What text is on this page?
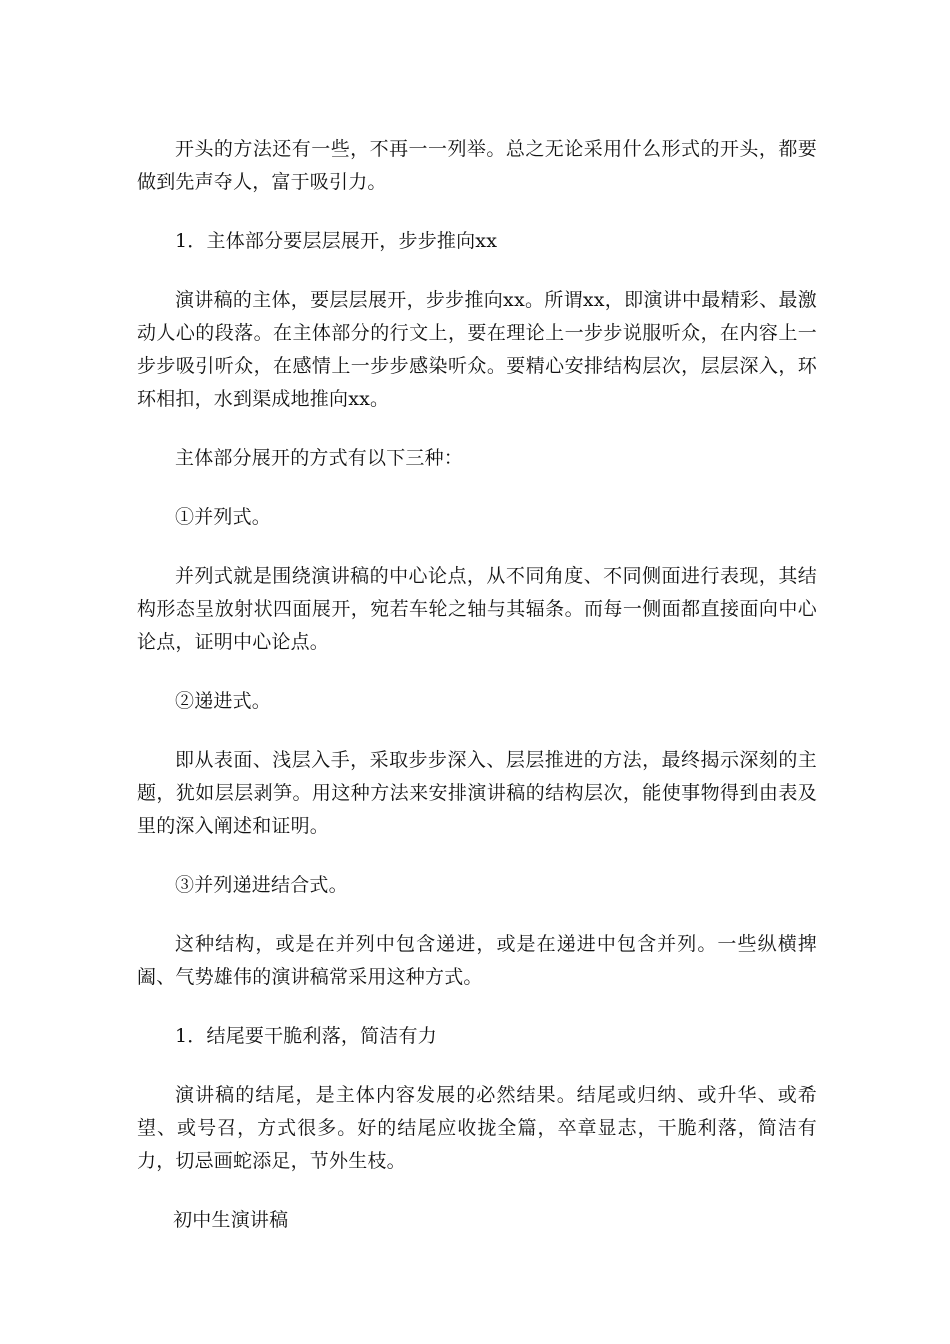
开头的方法还有一些，不再一一列举。总之无论采用什么形式的开头，都要做到先声夺人，富于吸引力。

1．主体部分要层层展开，步步推向xx

演讲稿的主体，要层层展开，步步推向xx。所谓xx，即演讲中最精彩、最激动人心的段落。在主体部分的行文上，要在理论上一步步说服听众，在内容上一步步吸引听众，在感情上一步步感染听众。要精心安排结构层次，层层深入，环环相扣，水到渠成地推向xx。

主体部分展开的方式有以下三种：

①并列式。

并列式就是围绕演讲稿的中心论点，从不同角度、不同侧面进行表现，其结构形态呈放射状四面展开，宛若车轮之轴与其辐条。而每一侧面都直接面向中心论点，证明中心论点。

②递进式。

即从表面、浅层入手，采取步步深入、层层推进的方法，最终揭示深刻的主题，犹如层层剥笋。用这种方法来安排演讲稿的结构层次，能使事物得到由表及里的深入阐述和证明。

③并列递进结合式。

这种结构，或是在并列中包含递进，或是在递进中包含并列。一些纵横捭阖、气势雄伟的演讲稿常采用这种方式。

1．结尾要干脆利落，简洁有力

演讲稿的结尾，是主体内容发展的必然结果。结尾或归纳、或升华、或希望、或号召，方式很多。好的结尾应收拢全篇，卒章显志，干脆利落，简洁有力，切忌画蛇添足，节外生枝。

初中生演讲稿
